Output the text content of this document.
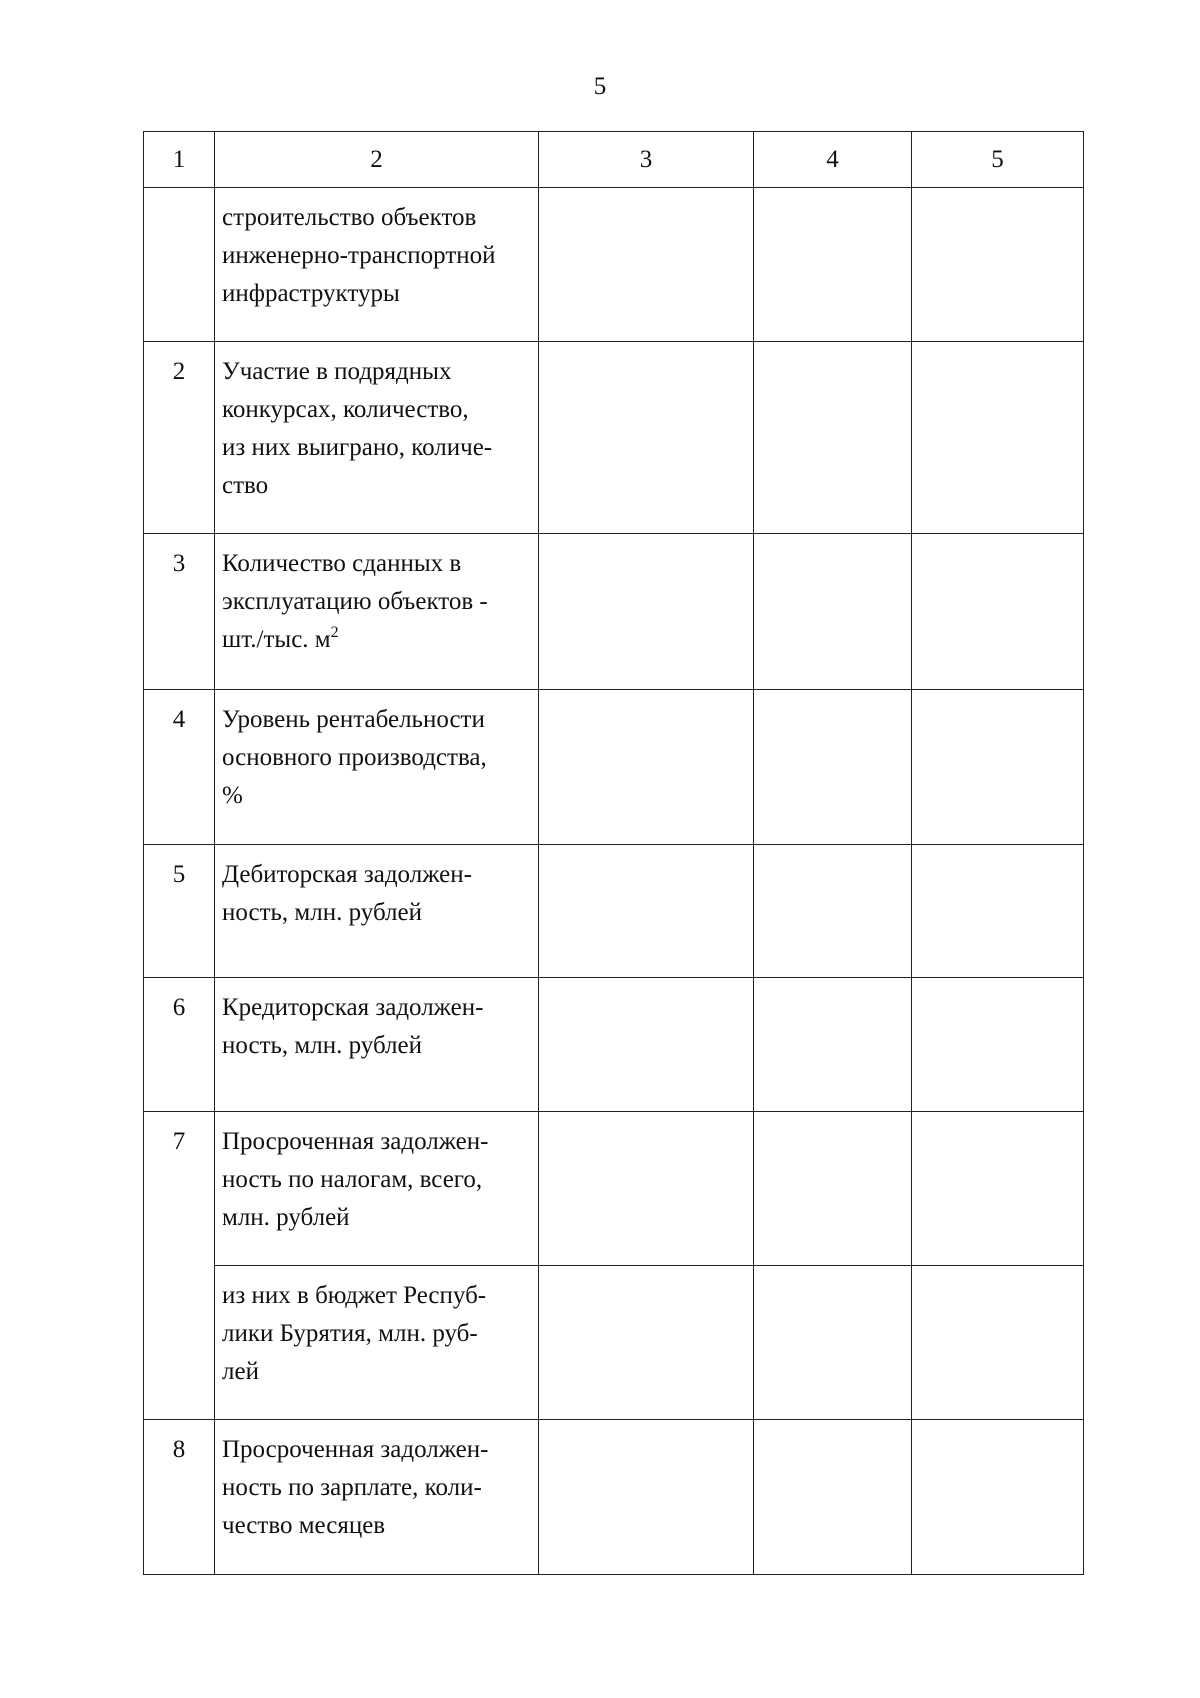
5
1	2	3	4	5
	строительство объектов
инженерно-транспортной
инфраструктуры			
2	Участие в подрядных
конкурсах, количество,
из них выиграно, количе-
ство			
3	Количество сданных в
эксплуатацию объектов -
шт./тыс. $м^2$			
4	Уровень рентабельности
основного производства,
%			
5	Дебиторская задолжен-
ность, млн. рублей			
6	Кредиторская задолжен-
ность, млн. рублей			
7	Просроченная задолжен-
ность по налогам, всего,
млн. рублей			
	из них в бюджет Респуб-
лики Бурятия, млн. руб-
лей			
8	Просроченная задолжен-
ность по зарплате, коли-
чество месяцев			
